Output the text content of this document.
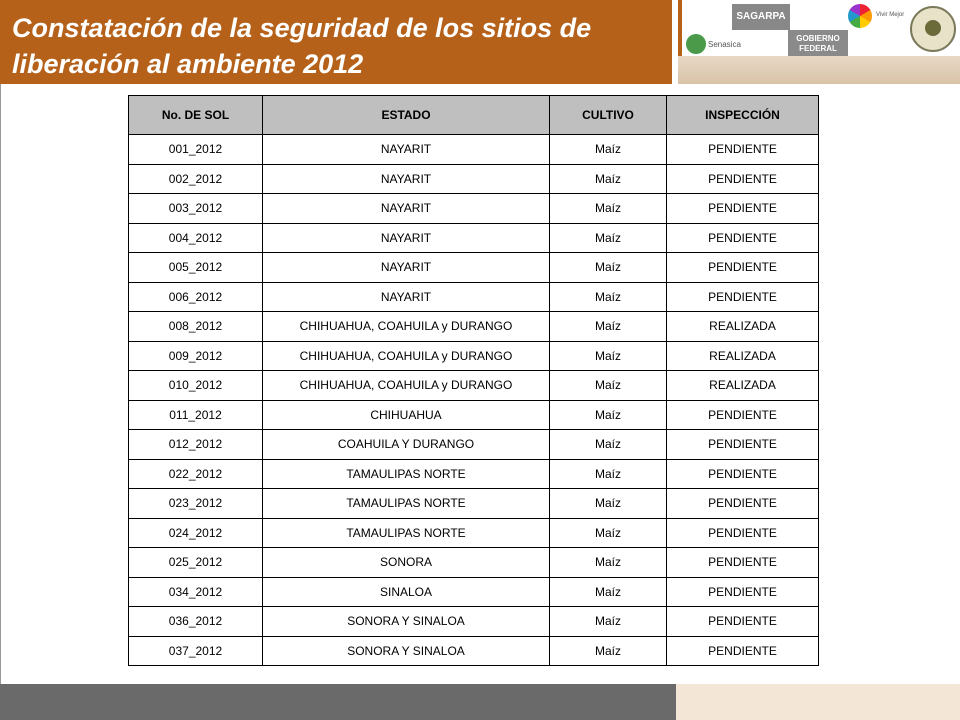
Constatación de la seguridad de los sitios de liberación al ambiente 2012
SAGARPA
Senasica
GOBIERNO FEDERAL
Vivir Mejor
No. DE SOL	ESTADO	CULTIVO	INSPECCIÓN
001_2012	NAYARIT	Maíz	PENDIENTE
002_2012	NAYARIT	Maíz	PENDIENTE
003_2012	NAYARIT	Maíz	PENDIENTE
004_2012	NAYARIT	Maíz	PENDIENTE
005_2012	NAYARIT	Maíz	PENDIENTE
006_2012	NAYARIT	Maíz	PENDIENTE
008_2012	CHIHUAHUA, COAHUILA y DURANGO	Maíz	REALIZADA
009_2012	CHIHUAHUA, COAHUILA y DURANGO	Maíz	REALIZADA
010_2012	CHIHUAHUA, COAHUILA y DURANGO	Maíz	REALIZADA
011_2012	CHIHUAHUA	Maíz	PENDIENTE
012_2012	COAHUILA Y DURANGO	Maíz	PENDIENTE
022_2012	TAMAULIPAS NORTE	Maíz	PENDIENTE
023_2012	TAMAULIPAS NORTE	Maíz	PENDIENTE
024_2012	TAMAULIPAS NORTE	Maíz	PENDIENTE
025_2012	SONORA	Maíz	PENDIENTE
034_2012	SINALOA	Maíz	PENDIENTE
036_2012	SONORA Y SINALOA	Maíz	PENDIENTE
037_2012	SONORA Y SINALOA	Maíz	PENDIENTE
